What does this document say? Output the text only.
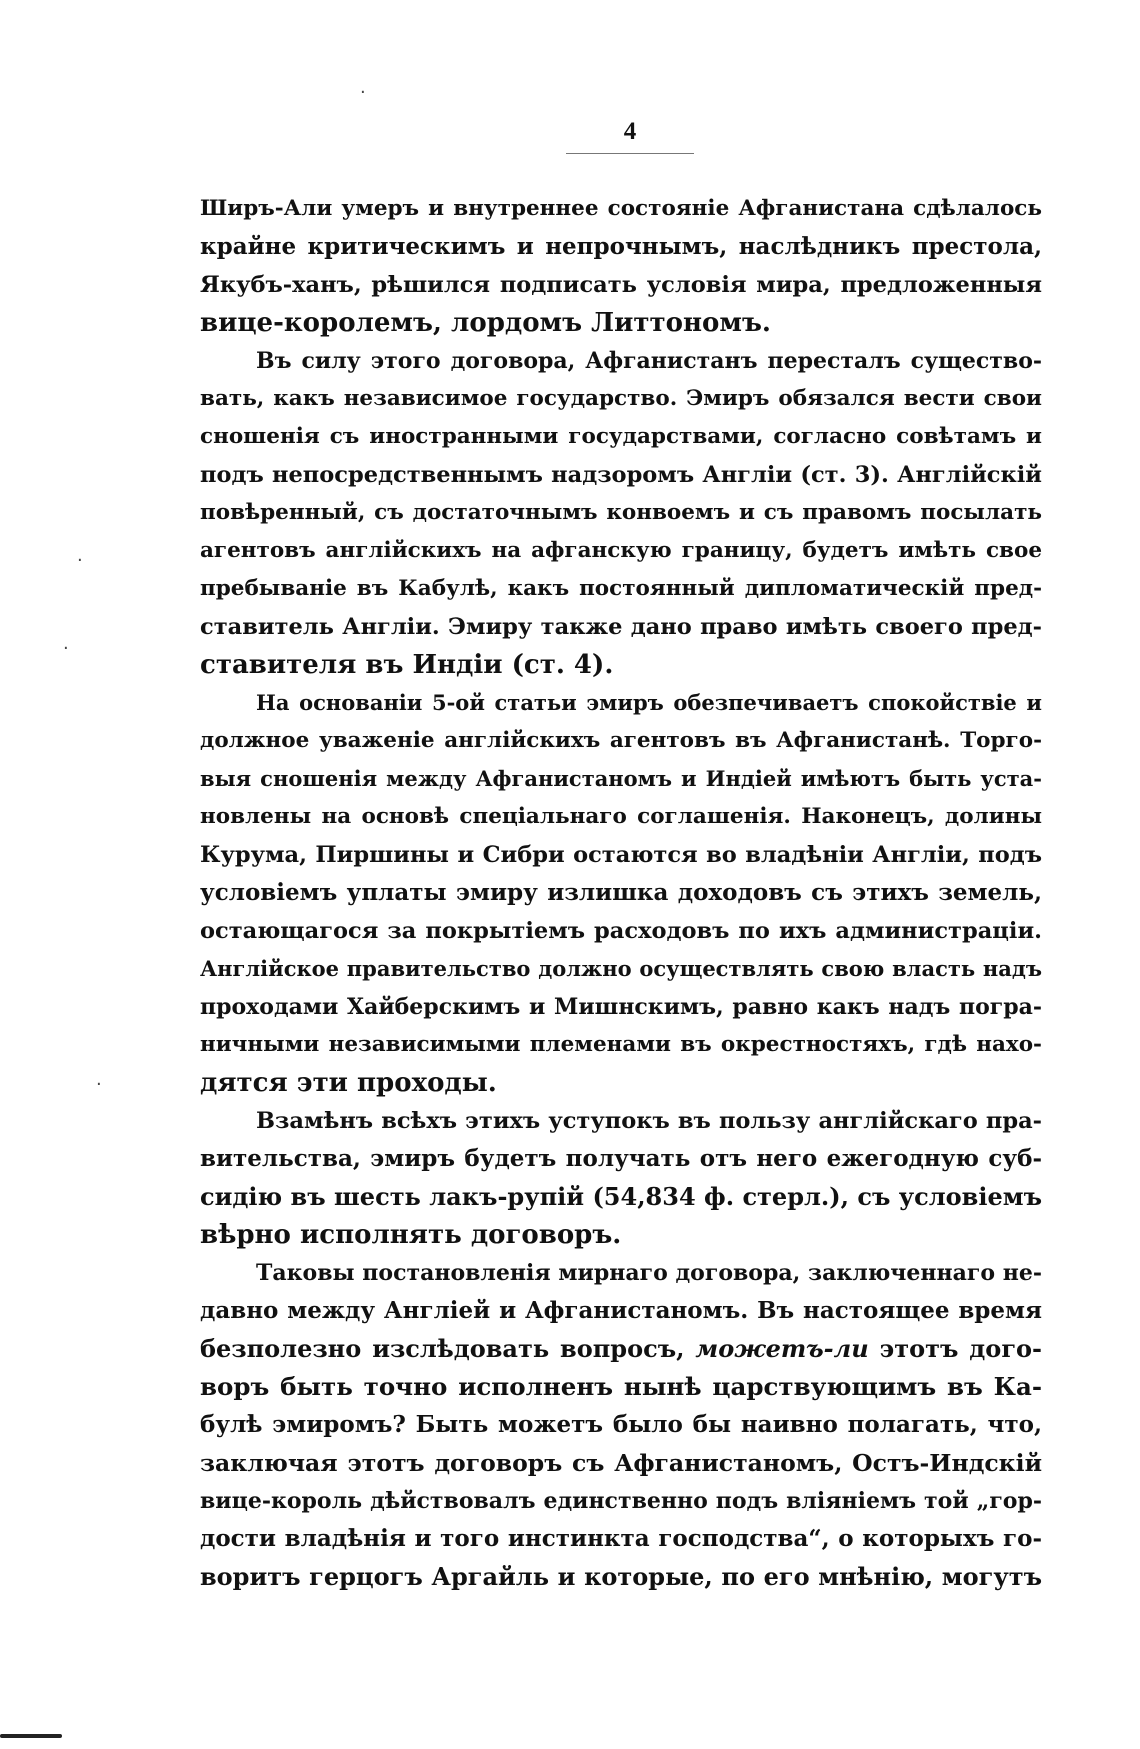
4
Ширъ-Али умеръ и внутреннее состояніе Афганистана сдѣлалось
крайне критическимъ и непрочнымъ, наслѣдникъ престола,
Якубъ-ханъ, рѣшился подписать условія мира, предложенныя
вице-королемъ, лордомъ Литтономъ.
Въ силу этого договора, Афганистанъ пересталъ существо-
вать, какъ независимое государство. Эмиръ обязался вести свои
сношенія съ иностранными государствами, согласно совѣтамъ и
подъ непосредственнымъ надзоромъ Англіи (ст. 3). Англійскій
повѣренный, съ достаточнымъ конвоемъ и съ правомъ посылать
агентовъ англійскихъ на афганскую границу, будетъ имѣть свое
пребываніе въ Кабулѣ, какъ постоянный дипломатическій пред-
ставитель Англіи. Эмиру также дано право имѣть своего пред-
ставителя въ Индіи (ст. 4).
На основаніи 5-ой статьи эмиръ обезпечиваетъ спокойствіе и
должное уваженіе англійскихъ агентовъ въ Афганистанѣ. Торго-
выя сношенія между Афганистаномъ и Индіей имѣютъ быть уста-
новлены на основѣ спеціальнаго соглашенія. Наконецъ, долины
Курума, Пиршины и Сибри остаются во владѣніи Англіи, подъ
условіемъ уплаты эмиру излишка доходовъ съ этихъ земель,
остающагося за покрытіемъ расходовъ по ихъ администраціи.
Англійское правительство должно осуществлять свою власть надъ
проходами Хайберскимъ и Мишнскимъ, равно какъ надъ погра-
ничными независимыми племенами въ окрестностяхъ, гдѣ нахо-
дятся эти проходы.
Взамѣнъ всѣхъ этихъ уступокъ въ пользу англійскаго пра-
вительства, эмиръ будетъ получать отъ него ежегодную суб-
сидію въ шесть лакъ-рупій (54,834 ф. стерл.), съ условіемъ
вѣрно исполнять договоръ.
Таковы постановленія мирнаго договора, заключеннаго не-
давно между Англіей и Афганистаномъ. Въ настоящее время
безполезно изслѣдовать вопросъ, можетъ-ли этотъ дого-
воръ быть точно исполненъ нынѣ царствующимъ въ Ка-
булѣ эмиромъ? Быть можетъ было бы наивно полагать, что,
заключая этотъ договоръ съ Афганистаномъ, Остъ-Индскій
вице-король дѣйствовалъ единственно подъ вліяніемъ той „гор-
дости владѣнія и того инстинкта господства“, о которыхъ го-
воритъ герцогъ Аргайль и которые, по его мнѣнію, могутъ
·
·
·
·
